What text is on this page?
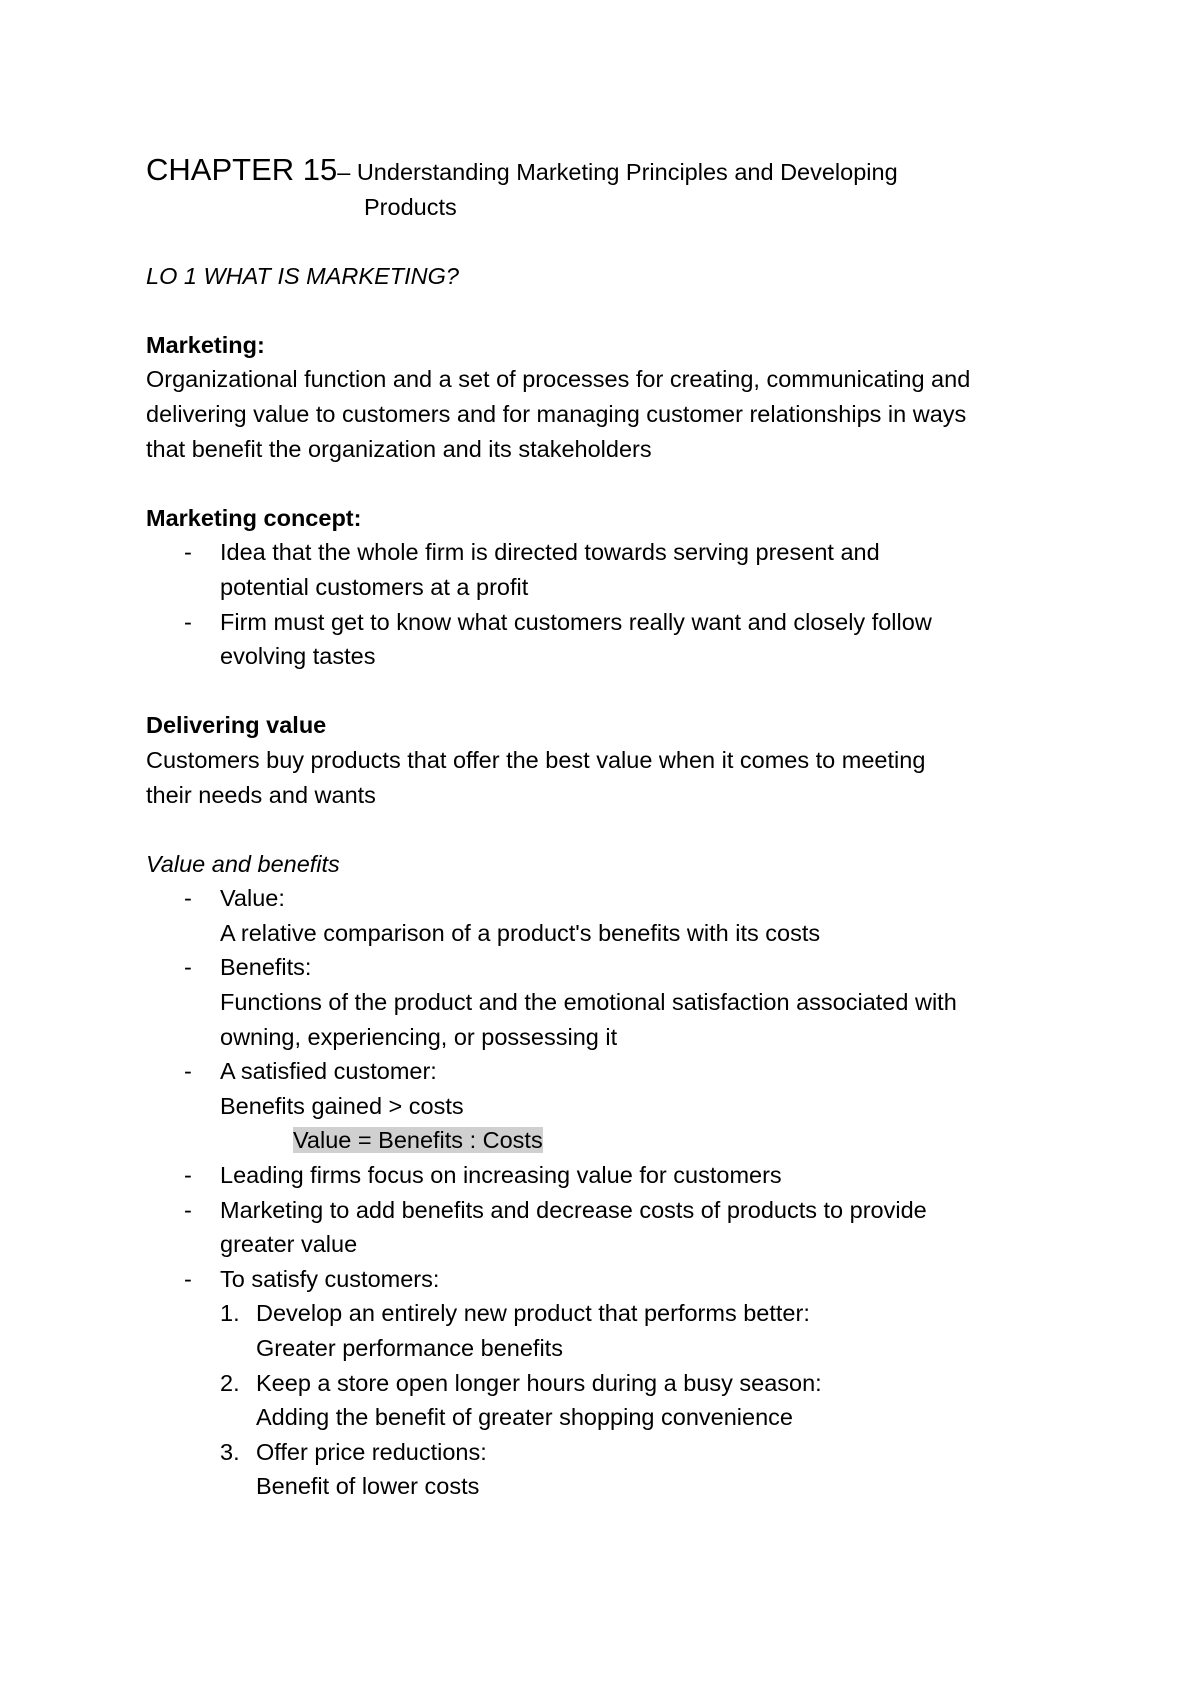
CHAPTER 15– Understanding Marketing Principles and Developing
Products
LO 1 WHAT IS MARKETING?
Marketing:
Organizational function and a set of processes for creating, communicating and
delivering value to customers and for managing customer relationships in ways
that benefit the organization and its stakeholders
Marketing concept:
- Idea that the whole firm is directed towards serving present and
potential customers at a profit
- Firm must get to know what customers really want and closely follow
evolving tastes
Delivering value
Customers buy products that offer the best value when it comes to meeting
their needs and wants
Value and benefits
- Value:
A relative comparison of a product's benefits with its costs
- Benefits:
Functions of the product and the emotional satisfaction associated with
owning, experiencing, or possessing it
- A satisfied customer:
Benefits gained > costs
Value = Benefits : Costs
- Leading firms focus on increasing value for customers
- Marketing to add benefits and decrease costs of products to provide
greater value
- To satisfy customers:
1. Develop an entirely new product that performs better:
Greater performance benefits
2. Keep a store open longer hours during a busy season:
Adding the benefit of greater shopping convenience
3. Offer price reductions:
Benefit of lower costs
